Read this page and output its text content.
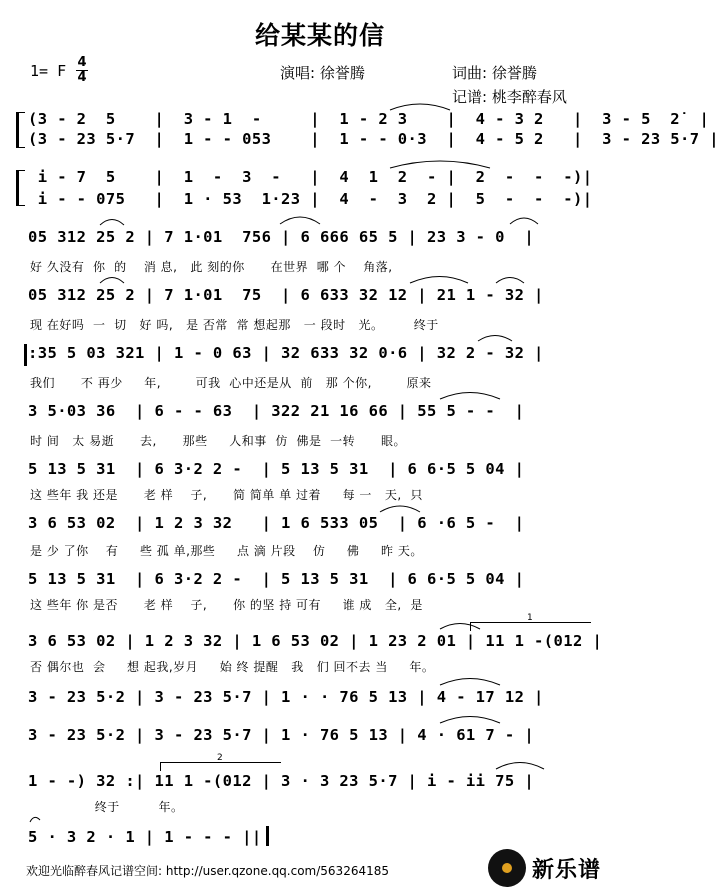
给某某的信
1= F 4
4	演唱: 徐誉腾	词曲: 徐誉腾
记谱: 桃李醉春风
(3 - 2  5    |  3 - 1  -     |  1 - 2 3    |  4 - 3 2   |  3 - 5  2̇  |
(3 - 23 5·7  |  1 - - 053    |  1 - - 0·3  |  4 - 5 2   |  3 - 23 5·7 |
i - 7  5    |  1  -  3  -   |  4  1  2  - |  2  -  -  -)|
i - - 075   |  1 · 53  1·23 |  4  -  3  2 |  5  -  -  -)|
05 312 25 2 | 7 1·01  756 | 6 666 65 5 | 23 3 - 0  |
好 久没有  你  的    消 息,   此 刻的你      在世界  哪 个    角落,
05 312 25 2 | 7 1·01  75  | 6 633 32 12 | 21 1 - 32 |
现 在好吗  一  切   好 吗,   是 否常  常 想起那   一 段时   光。       终于
:35 5 03 321 | 1 - 0 63 | 32 633 32 0·6 | 32 2 - 32 |
我们      不 再少     年,        可我  心中还是从  前   那 个你,        原来
3 5·03 36  | 6 - - 63  | 322 21 16 66 | 55 5 - -  |
时 间   太 易逝      去,      那些     人和事  仿  佛是  一转      眼。
5 13 5 31  | 6 3·2 2 -  | 5 13 5 31  | 6 6·5 5 04 |
这 些年 我 还是      老 样    子,      简 简单 单 过着     每 一   天,  只
3 6 53 02  | 1 2 3 32   | 1 6 533 05  | 6 ·6 5 -  |
是 少 了你    有     些 孤 单,那些     点 滴 片段    仿     佛     昨 天。
5 13 5 31  | 6 3·2 2 -  | 5 13 5 31  | 6 6·5 5 04 |
这 些年 你 是否      老 样    子,      你 的坚 持 可有     谁 成   全,  是
3 6 53 02 | 1 2 3 32 | 1 6 53 02 | 1 23 2 01 | 11 1 -(012 |
否 偶尔也  会     想 起我,岁月     始 终 提醒   我   们 回不去 当     年。
3 - 23 5·2 | 3 - 23 5·7 | 1 · · 76 5 13 | 4 - 17 12 |
3 - 23 5·2 | 3 - 23 5·7 | 1 · 76 5 13 | 4 · 61 7 - |
1 - -) 32 :| 11 1 -(012 | 3 · 3 23 5·7 | i - ii 75 |
终于         年。
5 · 3 2 · 1 | 1 - - - ||
1
2
欢迎光临醉春风记谱空间: http://user.qzone.qq.com/563264185	新乐谱
